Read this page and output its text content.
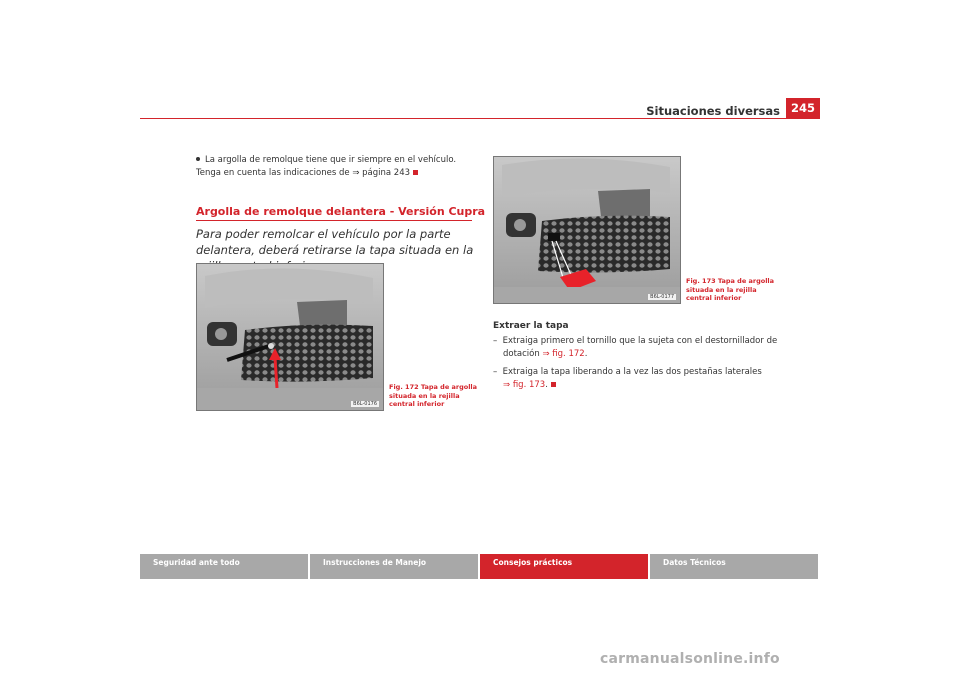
Situaciones diversas 245
La argolla de remolque tiene que ir siempre en el vehículo. Tenga en cuenta las indicaciones de ⇒ página 243
Argolla de remolque delantera - Versión Cupra
Para poder remolcar el vehículo por la parte delantera, deberá retirarse la tapa situada en la
B6L-0176
Fig. 172 Tapa de argolla situada en la rejilla central inferior
B6L-0177
Fig. 173 Tapa de argolla situada en la rejilla central inferior
Extraer la tapa
– Extraiga primero el tornillo que la sujeta con el destornillador de dotación ⇒ fig. 172.
– Extraiga la tapa liberando a la vez las dos pestañas laterales
⇒ fig. 173.
Seguridad ante todo	Instrucciones de Manejo	Consejos prácticos	Datos Técnicos
carmanualsonline.info
